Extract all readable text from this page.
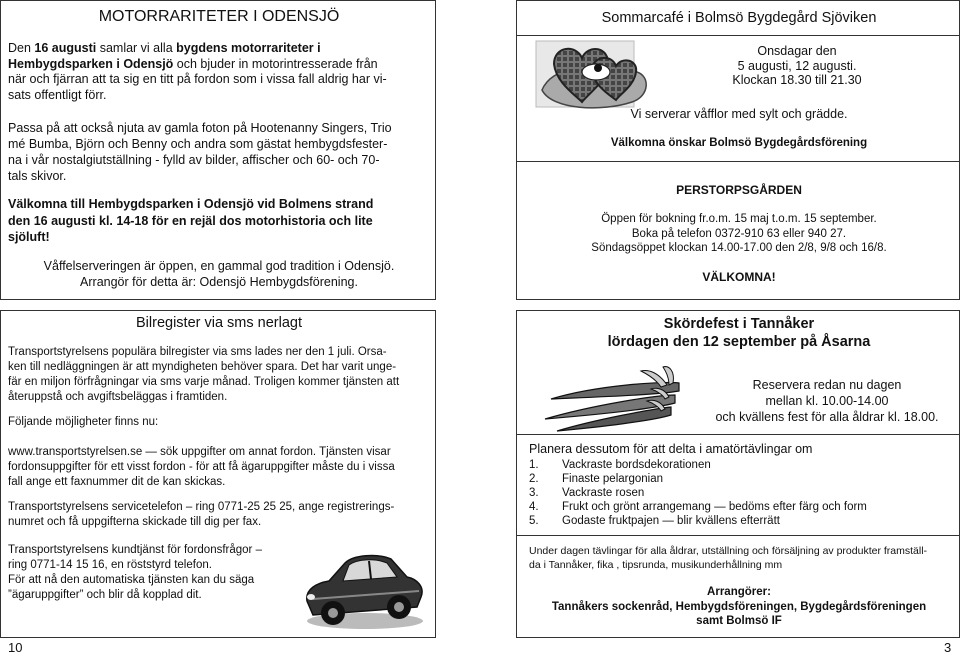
MOTORRARITETER I ODENSJÖ

Den 16 augusti samlar vi alla bygdens motorrariteter i

Hembygdsparken i Odensjö och bjuder in motorintresserade från

när och fjärran att ta sig en titt på fordon som i vissa fall aldrig har vi-

sats offentligt förr.

Passa på att också njuta av gamla foton på Hootenanny Singers, Trio

mé Bumba, Björn och Benny och andra som gästat hembygdsfester-

na i vår nostalgiutställning - fylld av bilder, affischer och 60- och 70-

tals skivor.

Välkomna till Hembygdsparken i Odensjö vid Bolmens strand

den 16 augusti kl. 14-18 för en rejäl dos motorhistoria och lite

sjöluft!

Våffelserveringen är öppen, en gammal god tradition i Odensjö.

Arrangör för detta är: Odensjö Hembygdsförening.

Sommarcafé i Bolmsö Bygdegård Sjöviken

Onsdagar den

5 augusti, 12 augusti.

Klockan 18.30 till 21.30

Vi serverar våfflor med sylt och grädde.
Välkomna önskar Bolmsö Bygdegårdsförening
PERSTORPSGÅRDEN

Öppen för bokning fr.o.m. 15 maj t.o.m. 15 september.

Boka på telefon 0372-910 63 eller 940 27.

Söndagsöppet klockan 14.00-17.00 den 2/8, 9/8 och 16/8.

VÄLKOMNA!
Bilregister via sms nerlagt

Transportstyrelsens populära bilregister via sms lades ner den 1 juli. Orsa-

ken till nedläggningen är att myndigheten behöver spara. Det har varit unge-

fär en miljon förfrågningar via sms varje månad. Troligen kommer tjänsten att

återuppstå och avgiftsbeläggas i framtiden.

Följande möjligheter finns nu:

www.transportstyrelsen.se — sök uppgifter om annat fordon. Tjänsten visar

fordonsuppgifter för ett visst fordon - för att få ägaruppgifter måste du i vissa

fall ange ett faxnummer dit de kan skickas.

Transportstyrelsens servicetelefon – ring 0771-25 25 25, ange registrerings-

numret och få uppgifterna skickade till dig per fax.

Transportstyrelsens kundtjänst för fordonsfrågor –

ring 0771-14 15 16, en röststyrd telefon.

För att nå den automatiska tjänsten kan du säga

”ägaruppgifter” och blir då kopplad dit.

Skördefest i Tannåker

lördagen den 12 september på Åsarna

Reservera redan nu dagen

mellan kl. 10.00-14.00

och kvällens fest för alla åldrar kl. 18.00.

Planera dessutom för att delta i amatörtävlingar om
1.	Vackraste bordsdekorationen
2.	Finaste pelargonian
3.	Vackraste rosen
4.	Frukt och grönt arrangemang — bedöms efter färg och form
5.	Godaste fruktpajen — blir kvällens efterrätt

Under dagen tävlingar för alla åldrar, utställning och försäljning av produkter framställ-

da i Tannåker, fika , tipsrunda, musikunderhållning mm

Arrangörer:

Tannåkers sockenråd, Hembygdsföreningen, Bygdegårdsföreningen

samt Bolmsö IF

10	3
